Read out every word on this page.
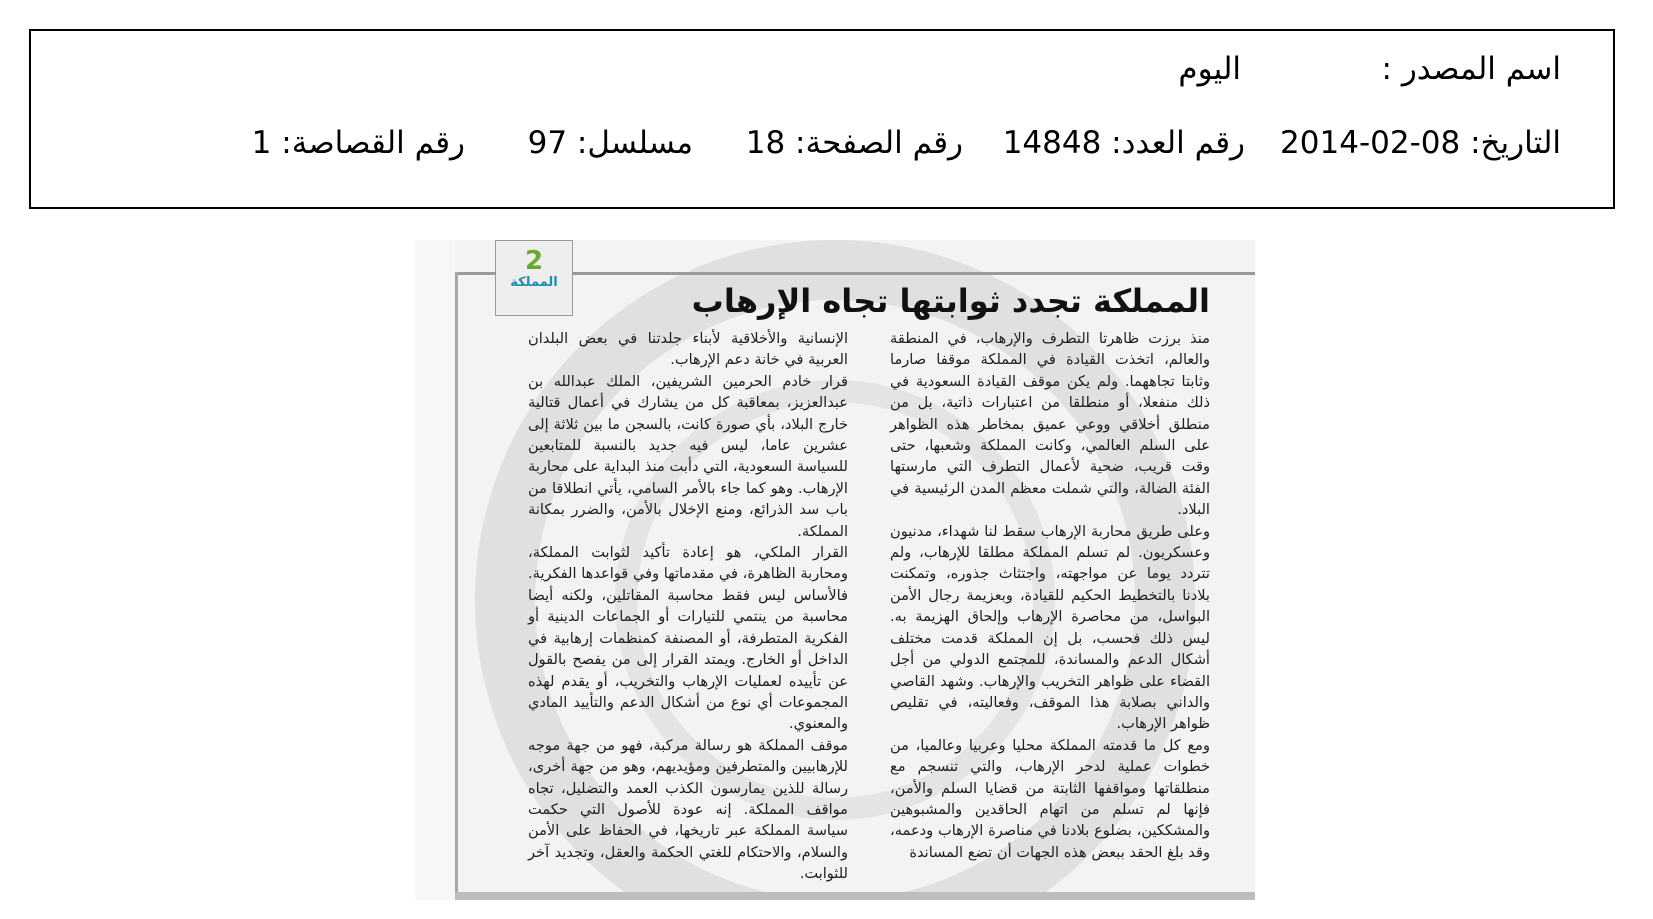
اسم المصدر :
اليوم
التاريخ: 08-02-2014
رقم العدد: 14848
رقم الصفحة: 18
مسلسل: 97
رقم القصاصة: 1
2
المملكة	المملكة تجدد ثوابتها تجاه الإرهاب

منذ برزت ظاهرتا التطرف والإرهاب، في المنطقة والعالم، اتخذت القيادة في المملكة موقفا صارما وثابتا تجاههما. ولم يكن موقف القيادة السعودية في ذلك منفعلا، أو منطلقا من اعتبارات ذاتية، بل من منطلق أخلاقي ووعي عميق بمخاطر هذه الظواهر على السلم العالمي، وكانت المملكة وشعبها، حتى وقت قريب، ضحية لأعمال التطرف التي مارستها الفئة الضالة، والتي شملت معظم المدن الرئيسية في البلاد.

وعلى طريق محاربة الإرهاب سقط لنا شهداء، مدنيون وعسكريون. لم تسلم المملكة مطلقا للإرهاب، ولم تتردد يوما عن مواجهته، واجتثاث جذوره، وتمكنت بلادنا بالتخطيط الحكيم للقيادة، وبعزيمة رجال الأمن البواسل، من محاصرة الإرهاب وإلحاق الهزيمة به. ليس ذلك فحسب، بل إن المملكة قدمت مختلف أشكال الدعم والمساندة، للمجتمع الدولي من أجل القضاء على ظواهر التخريب والإرهاب. وشهد القاصي والداني بصلابة هذا الموقف، وفعاليته، في تقليص ظواهر الإرهاب.

ومع كل ما قدمته المملكة محليا وعربيا وعالميا، من خطوات عملية لدحر الإرهاب، والتي تنسجم مع منطلقاتها ومواقفها الثابتة من قضايا السلم والأمن، فإنها لم تسلم من اتهام الحاقدين والمشبوهين والمشككين، بضلوع بلادنا في مناصرة الإرهاب ودعمه، وقد بلغ الحقد ببعض هذه الجهات أن تضع المساندة

الإنسانية والأخلاقية لأبناء جلدتنا في بعض البلدان العربية في خانة دعم الإرهاب.

قرار خادم الحرمين الشريفين، الملك عبدالله بن عبدالعزيز، بمعاقبة كل من يشارك في أعمال قتالية خارج البلاد، بأي صورة كانت، بالسجن ما بين ثلاثة إلى عشرين عاما، ليس فيه جديد بالنسبة للمتابعين للسياسة السعودية، التي دأبت منذ البداية على محاربة الإرهاب. وهو كما جاء بالأمر السامي، يأتي انطلاقا من باب سد الذرائع، ومنع الإخلال بالأمن، والضرر بمكانة المملكة.

القرار الملكي، هو إعادة تأكيد لثوابت المملكة، ومحاربة الظاهرة، في مقدماتها وفي قواعدها الفكرية. فالأساس ليس فقط محاسبة المقاتلين، ولكنه أيضا محاسبة من ينتمي للتيارات أو الجماعات الدينية أو الفكرية المتطرفة، أو المصنفة كمنظمات إرهابية في الداخل أو الخارج. ويمتد القرار إلى من يفصح بالقول عن تأييده لعمليات الإرهاب والتخريب، أو يقدم لهذه المجموعات أي نوع من أشكال الدعم والتأييد المادي والمعنوي.

موقف المملكة هو رسالة مركبة، فهو من جهة موجه للإرهابيين والمتطرفين ومؤيديهم، وهو من جهة أخرى، رسالة للذين يمارسون الكذب العمد والتضليل، تجاه مواقف المملكة. إنه عودة للأصول التي حكمت سياسة المملكة عبر تاريخها، في الحفاظ على الأمن والسلام، والاحتكام للغتي الحكمة والعقل، وتجديد آخر للثوابت.
